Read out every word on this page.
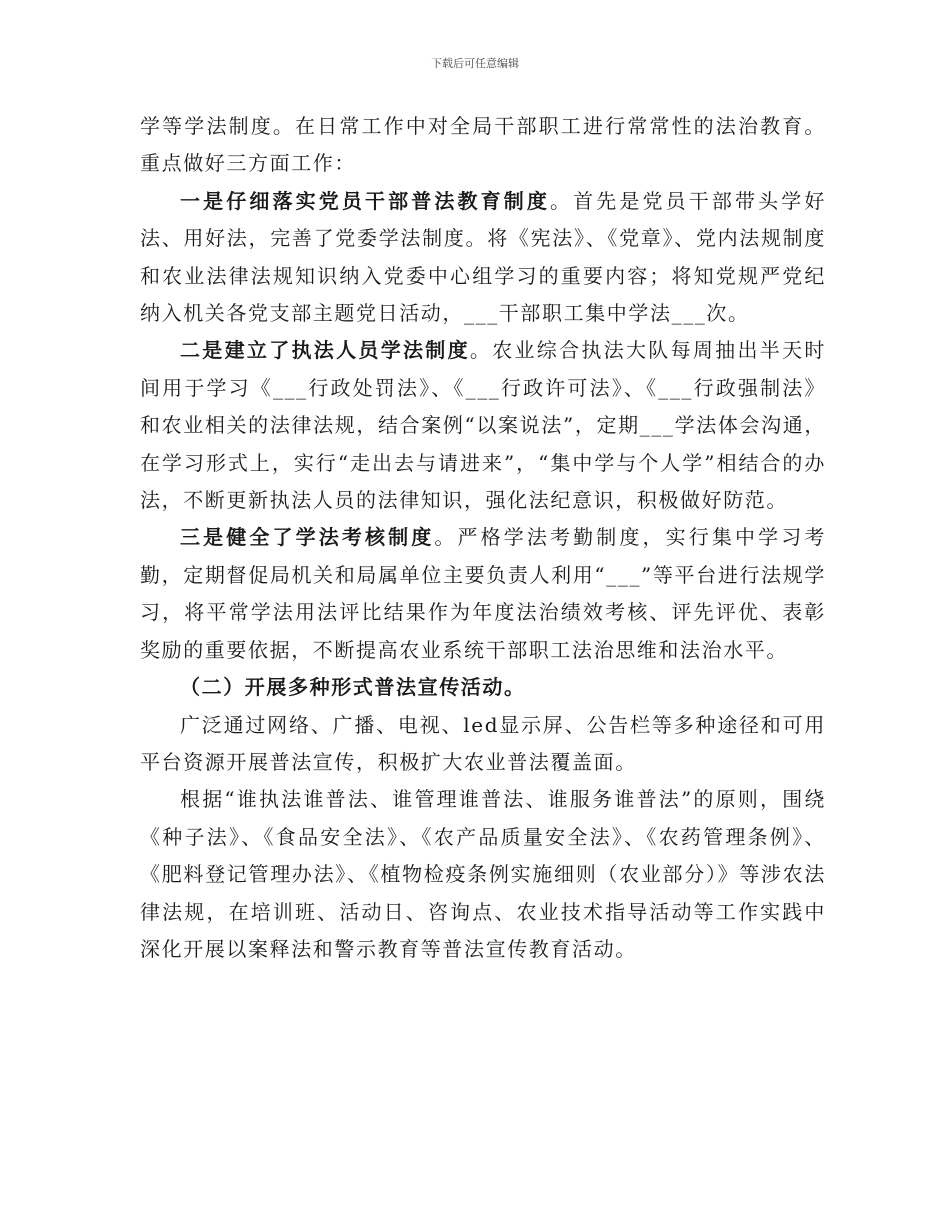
下载后可任意编辑

学等学法制度。在日常工作中对全局干部职工进行常常性的法治教育。重点做好三方面工作：

一是仔细落实党员干部普法教育制度。首先是党员干部带头学好法、用好法，完善了党委学法制度。将《宪法》、《党章》、党内法规制度和农业法律法规知识纳入党委中心组学习的重要内容；将知党规严党纪纳入机关各党支部主题党日活动，___干部职工集中学法___次。

二是建立了执法人员学法制度。农业综合执法大队每周抽出半天时间用于学习《___行政处罚法》、《___行政许可法》、《___行政强制法》和农业相关的法律法规，结合案例“以案说法”，定期___学法体会沟通，在学习形式上，实行“走出去与请进来”，“集中学与个人学”相结合的办法，不断更新执法人员的法律知识，强化法纪意识，积极做好防范。

三是健全了学法考核制度。严格学法考勤制度，实行集中学习考勤，定期督促局机关和局属单位主要负责人利用“___”等平台进行法规学习，将平常学法用法评比结果作为年度法治绩效考核、评先评优、表彰奖励的重要依据，不断提高农业系统干部职工法治思维和法治水平。

（二）开展多种形式普法宣传活动。

广泛通过网络、广播、电视、led显示屏、公告栏等多种途径和可用平台资源开展普法宣传，积极扩大农业普法覆盖面。

根据“谁执法谁普法、谁管理谁普法、谁服务谁普法”的原则，围绕《种子法》、《食品安全法》、《农产品质量安全法》、《农药管理条例》、《肥料登记管理办法》、《植物检疫条例实施细则（农业部分）》等涉农法律法规，在培训班、活动日、咨询点、农业技术指导活动等工作实践中深化开展以案释法和警示教育等普法宣传教育活动。
